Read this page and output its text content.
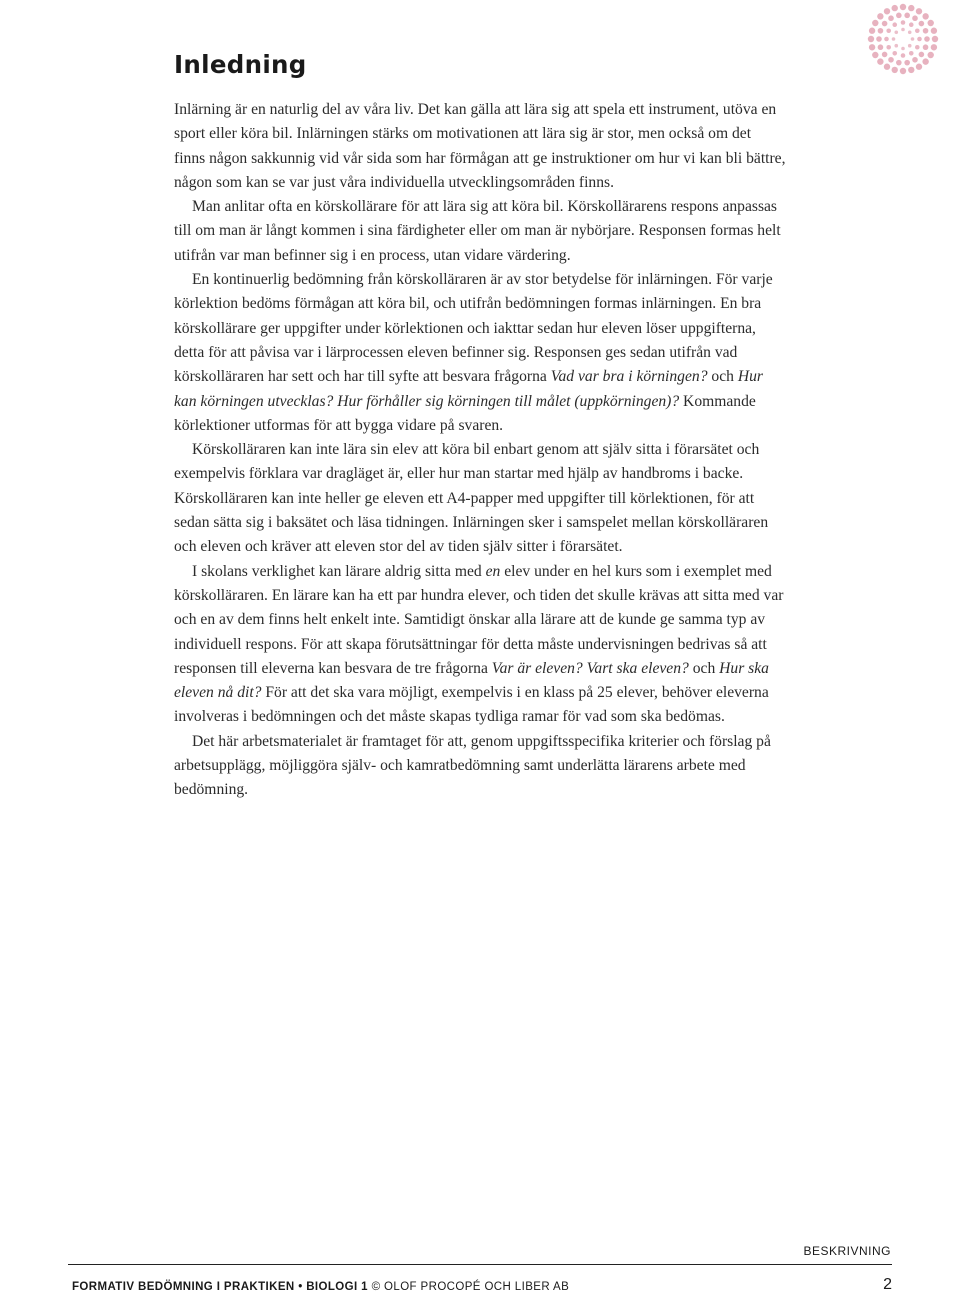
Inledning

Inlärning är en naturlig del av våra liv. Det kan gälla att lära sig att spela ett instrument, utöva en sport eller köra bil. Inlärningen stärks om motivationen att lära sig är stor, men också om det finns någon sakkunnig vid vår sida som har förmågan att ge instruktioner om hur vi kan bli bättre, någon som kan se var just våra individuella utvecklingsområden finns.

Man anlitar ofta en körskollärare för att lära sig att köra bil. Körskollärarens respons anpassas till om man är långt kommen i sina färdigheter eller om man är nybörjare. Responsen formas helt utifrån var man befinner sig i en process, utan vidare värdering.

En kontinuerlig bedömning från körskolläraren är av stor betydelse för inlärningen. För varje körlektion bedöms förmågan att köra bil, och utifrån bedömningen formas inlärningen. En bra körskollärare ger uppgifter under körlektionen och iakttar sedan hur eleven löser uppgifterna, detta för att påvisa var i lärprocessen eleven befinner sig. Responsen ges sedan utifrån vad körskolläraren har sett och har till syfte att besvara frågorna Vad var bra i körningen? och Hur kan körningen utvecklas? Hur förhåller sig körningen till målet (uppkörningen)? Kommande körlektioner utformas för att bygga vidare på svaren.

Körskolläraren kan inte lära sin elev att köra bil enbart genom att själv sitta i förarsätet och exempelvis förklara var dragläget är, eller hur man startar med hjälp av handbroms i backe. Körskolläraren kan inte heller ge eleven ett A4-papper med uppgifter till körlektionen, för att sedan sätta sig i baksätet och läsa tidningen. Inlärningen sker i samspelet mellan körskolläraren och eleven och kräver att eleven stor del av tiden själv sitter i förarsätet.

I skolans verklighet kan lärare aldrig sitta med en elev under en hel kurs som i exemplet med körskolläraren. En lärare kan ha ett par hundra elever, och tiden det skulle krävas att sitta med var och en av dem finns helt enkelt inte. Samtidigt önskar alla lärare att de kunde ge samma typ av individuell respons. För att skapa förutsättningar för detta måste undervisningen bedrivas så att responsen till eleverna kan besvara de tre frågorna Var är eleven? Vart ska eleven? och Hur ska eleven nå dit? För att det ska vara möjligt, exempelvis i en klass på 25 elever, behöver eleverna involveras i bedömningen och det måste skapas tydliga ramar för vad som ska bedömas.

Det här arbetsmaterialet är framtaget för att, genom uppgiftsspecifika kriterier och förslag på arbetsupplägg, möjliggöra själv- och kamratbedömning samt underlätta lärarens arbete med bedömning.

BESKRIVNING
FORMATIV BEDÖMNING I PRAKTIKEN • BIOLOGI 1 © OLOF PROCOPÉ OCH LIBER AB	2
